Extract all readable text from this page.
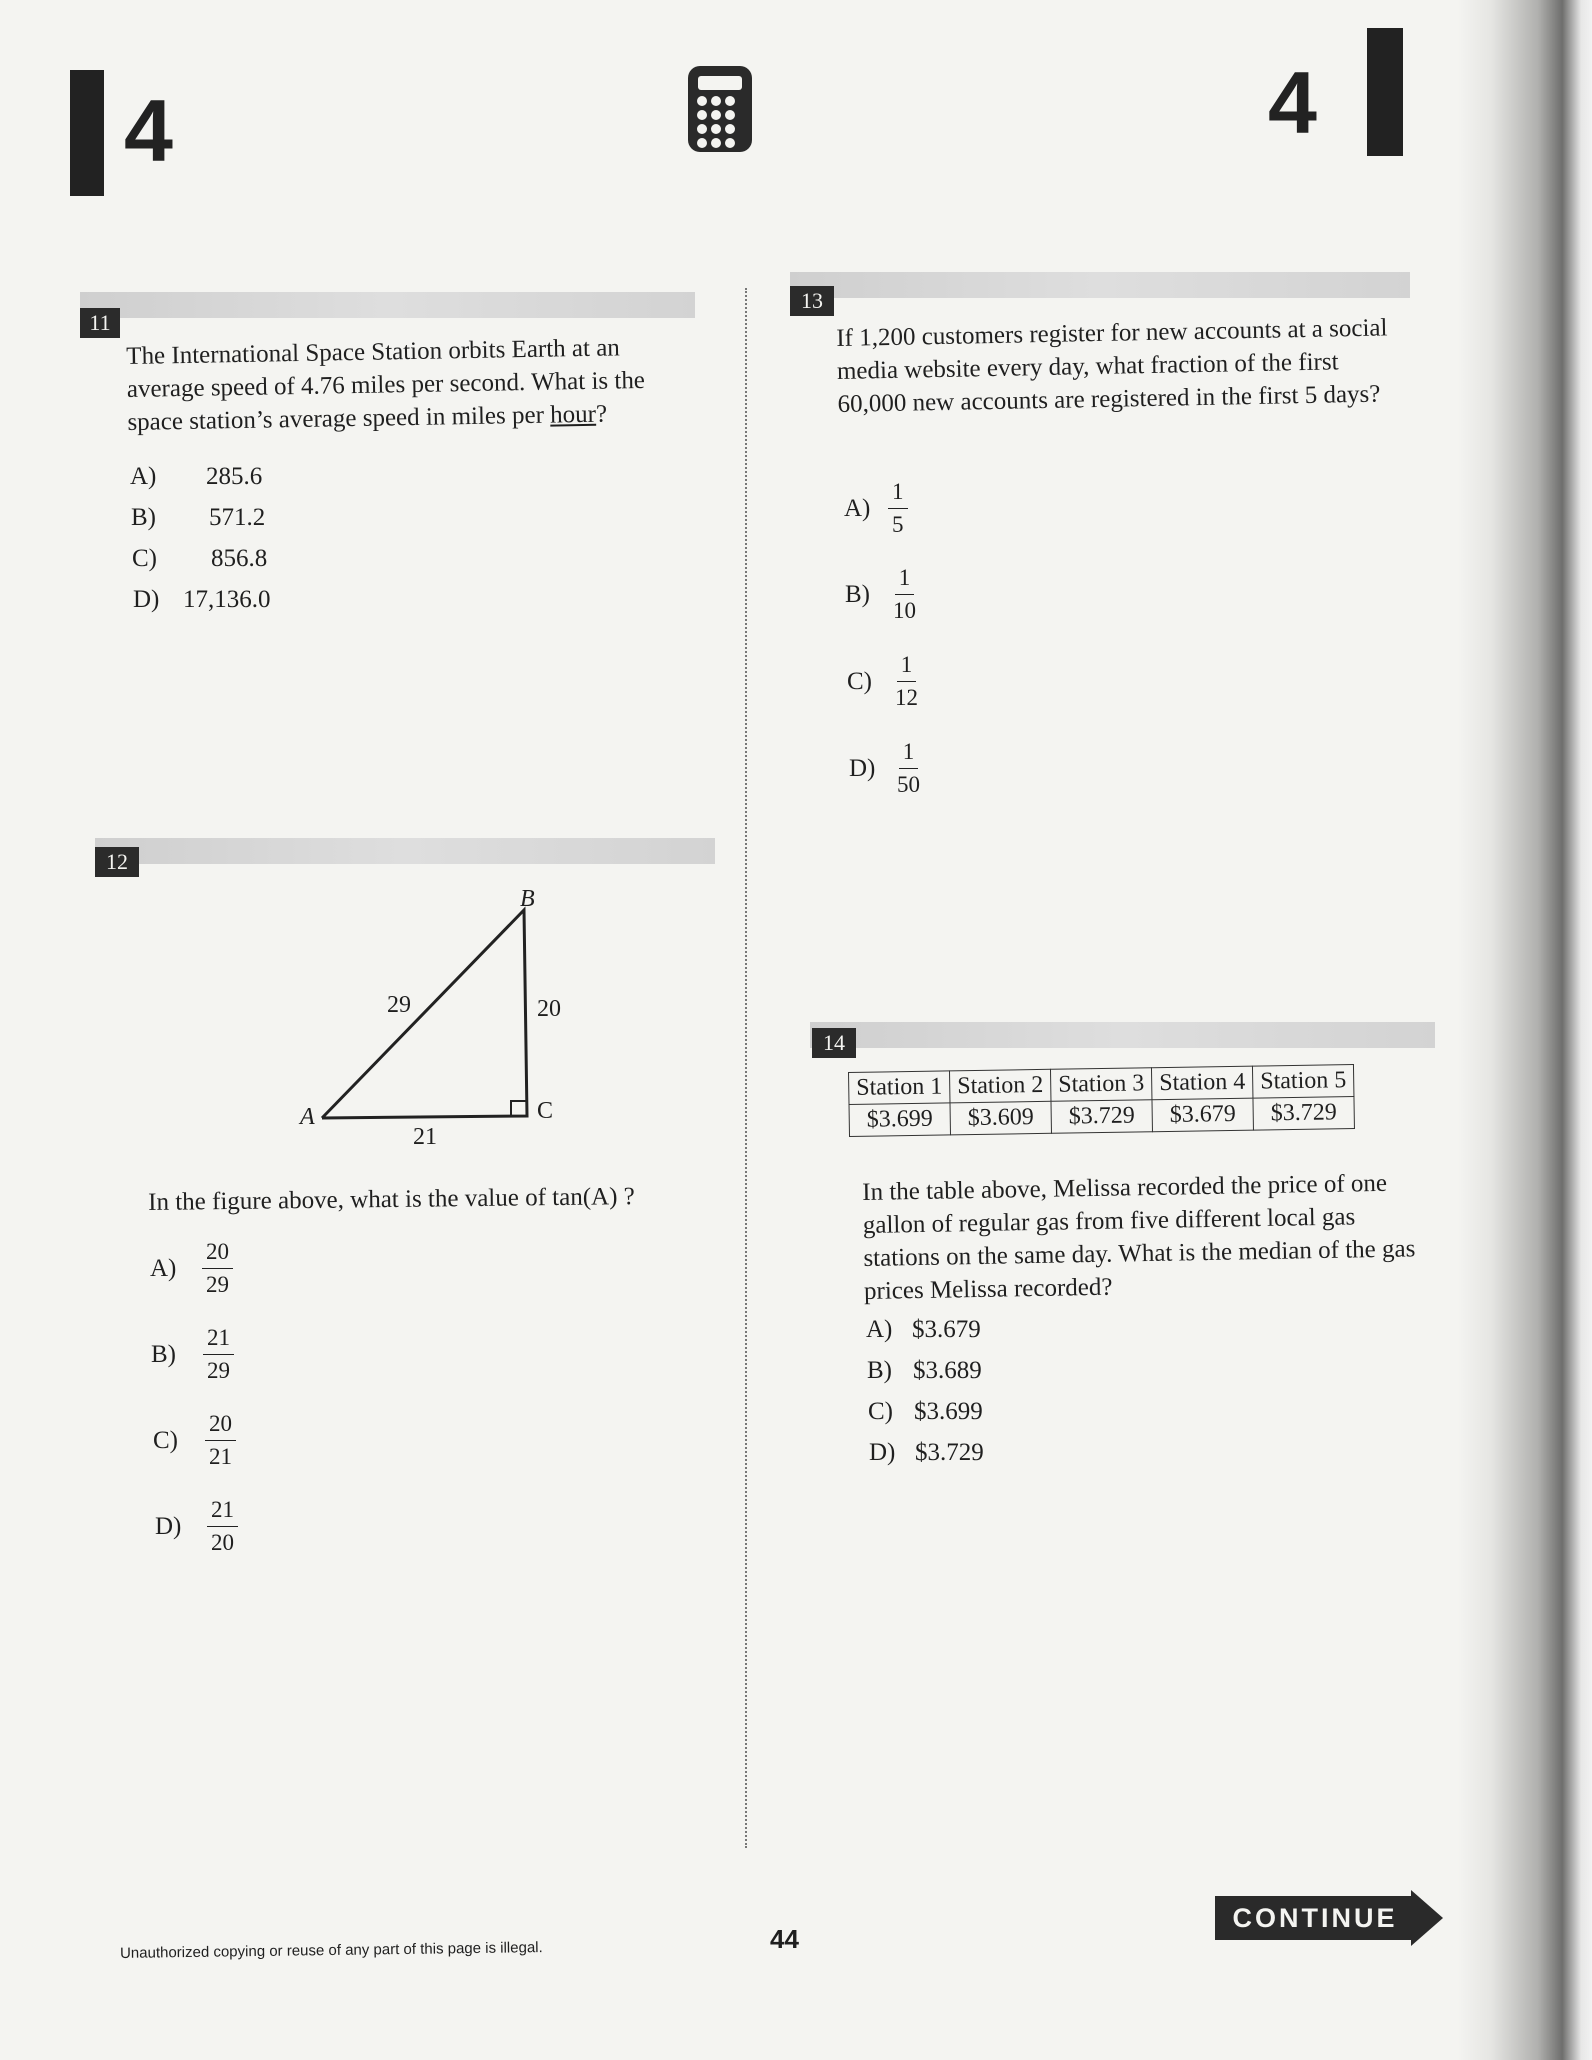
4	4
11
The International Space Station orbits Earth at an average speed of 4.76 miles per second. What is the space station’s average speed in miles per hour?
A)	285.6
B)	571.2
C)	856.8
D) 17,136.0
12
A
B
C
29	20
21
In the figure above, what is the value of tan(A) ?
A)	$\frac{20}{29}$
B)	$\frac{21}{29}$
C)	$\frac{20}{21}$
D)	$\frac{21}{20}$
13
If 1,200 customers register for new accounts at a social media website every day, what fraction of the first 60,000 new accounts are registered in the first 5 days?
$A) \frac{1}{5}$
$B) \frac{1}{10}$
$C) \frac{1}{12}$
$D) \frac{1}{50}$
14
Station 1	Station 2	Station 3	Station 4	Station 5
$3.699	$3.609	$3.729	$3.679	$3.729
In the table above, Melissa recorded the price of one gallon of regular gas from five different local gas stations on the same day. What is the median of the gas prices Melissa recorded?
A) $3.679
B) $3.689
C) $3.699
D) $3.729
Unauthorized copying or reuse of any part of this page is illegal.	44
CONTINUE
